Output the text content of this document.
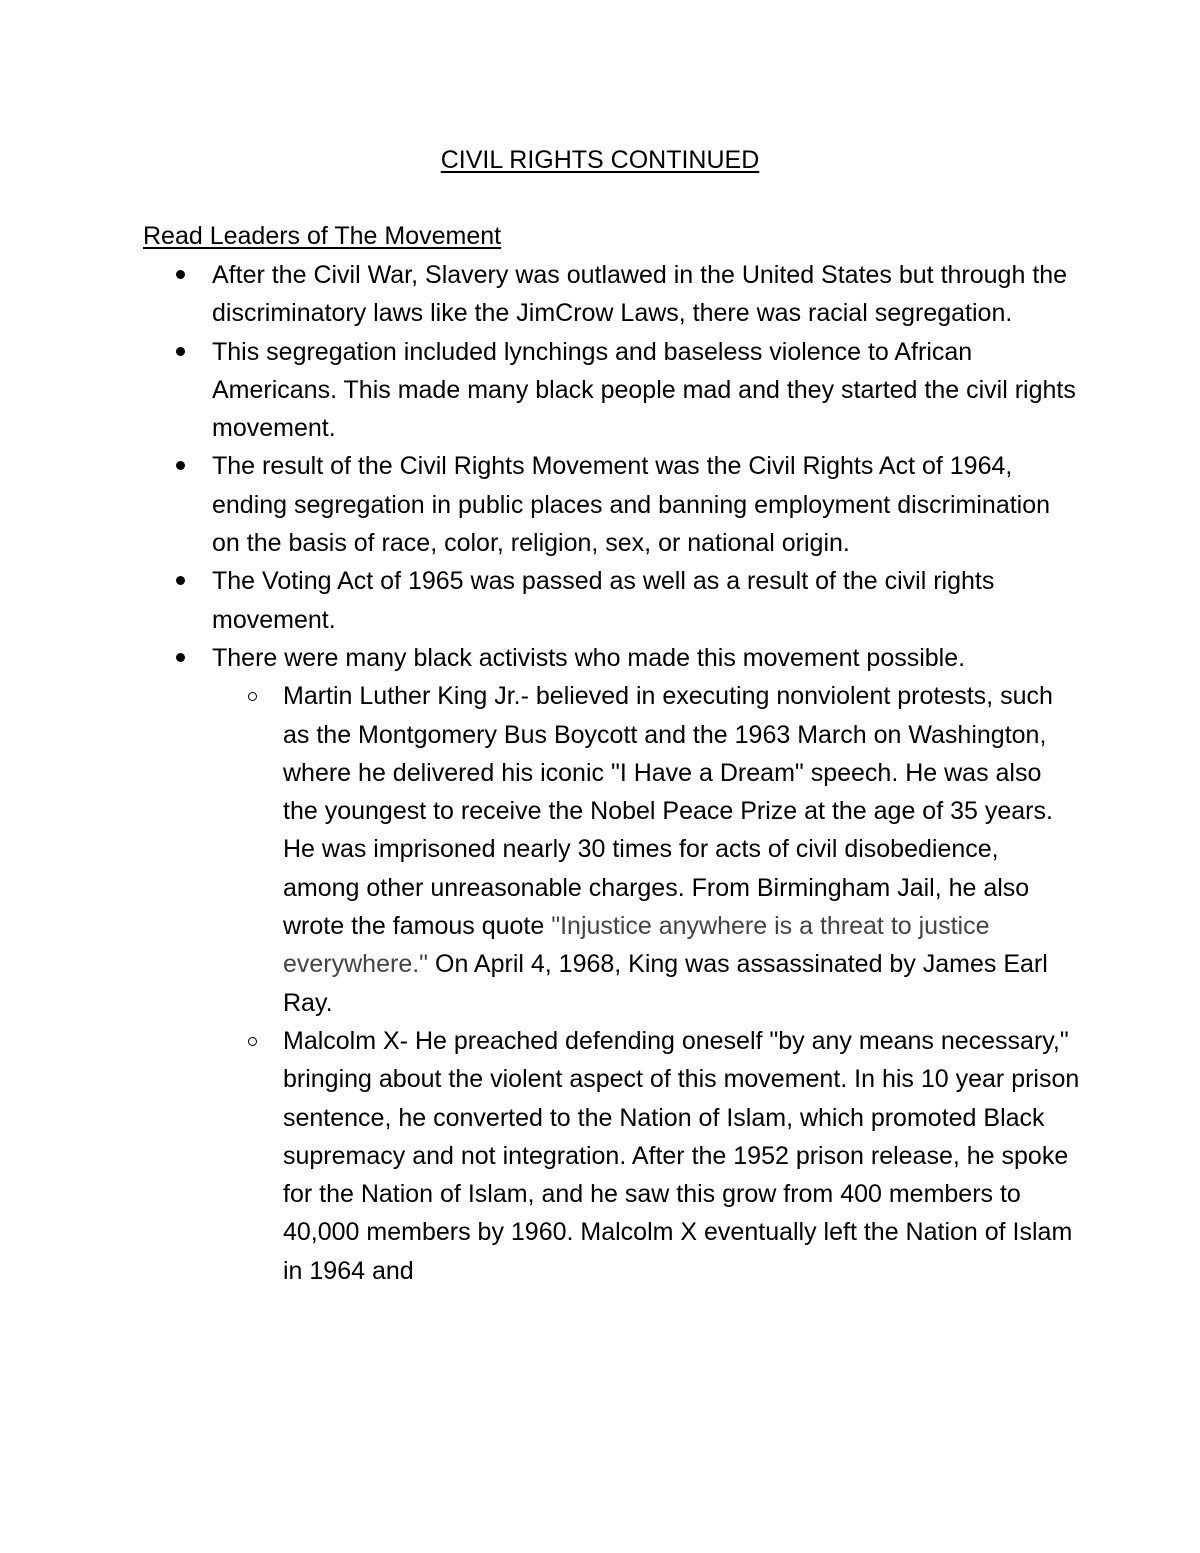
CIVIL RIGHTS CONTINUED
Read Leaders of The Movement
After the Civil War, Slavery was outlawed in the United States but through the discriminatory laws like the JimCrow Laws, there was racial segregation.
This segregation included lynchings and baseless violence to African Americans. This made many black people mad and they started the civil rights movement.
The result of the Civil Rights Movement was the Civil Rights Act of 1964, ending segregation in public places and banning employment discrimination on the basis of race, color, religion, sex, or national origin.
The Voting Act of 1965 was passed as well as a result of the civil rights movement.
There were many black activists who made this movement possible.
Martin Luther King Jr.- believed in executing nonviolent protests, such as the Montgomery Bus Boycott and the 1963 March on Washington, where he delivered his iconic "I Have a Dream" speech. He was also the youngest to receive the Nobel Peace Prize at the age of 35 years. He was imprisoned nearly 30 times for acts of civil disobedience, among other unreasonable charges. From Birmingham Jail, he also wrote the famous quote "Injustice anywhere is a threat to justice everywhere." On April 4, 1968, King was assassinated by James Earl Ray.
Malcolm X- He preached defending oneself "by any means necessary," bringing about the violent aspect of this movement. In his 10 year prison sentence, he converted to the Nation of Islam, which promoted Black supremacy and not integration. After the 1952 prison release, he spoke for the Nation of Islam, and he saw this grow from 400 members to 40,000 members by 1960. Malcolm X eventually left the Nation of Islam in 1964 and
